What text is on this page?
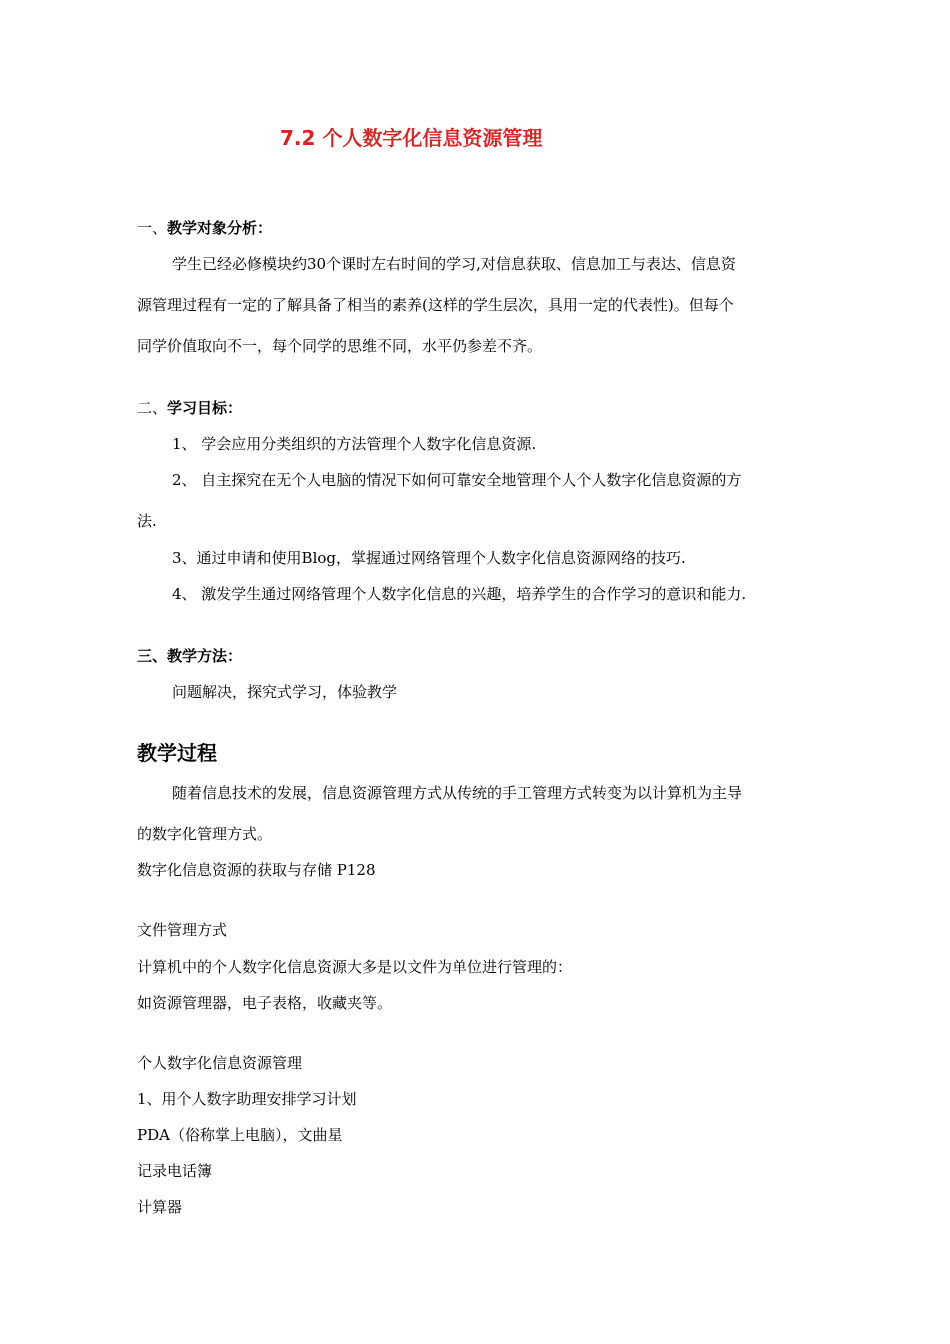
7.2 个人数字化信息资源管理
一、教学对象分析：
学生已经必修模块约30个课时左右时间的学习,对信息获取、信息加工与表达、信息资
源管理过程有一定的了解具备了相当的素养(这样的学生层次，具用一定的代表性)。但每个
同学价值取向不一，每个同学的思维不同，水平仍参差不齐。
二、学习目标：
1、 学会应用分类组织的方法管理个人数字化信息资源.
2、 自主探究在无个人电脑的情况下如何可靠安全地管理个人个人数字化信息资源的方
法.
3、通过申请和使用Blog，掌握通过网络管理个人数字化信息资源网络的技巧.
4、 激发学生通过网络管理个人数字化信息的兴趣，培养学生的合作学习的意识和能力.
三、教学方法：
问题解决，探究式学习，体验教学
教学过程
随着信息技术的发展，信息资源管理方式从传统的手工管理方式转变为以计算机为主导
的数字化管理方式。
数字化信息资源的获取与存储 P128
文件管理方式
计算机中的个人数字化信息资源大多是以文件为单位进行管理的：
如资源管理器，电子表格，收藏夹等。
个人数字化信息资源管理
1、用个人数字助理安排学习计划
PDA（俗称掌上电脑），文曲星
记录电话簿
计算器
